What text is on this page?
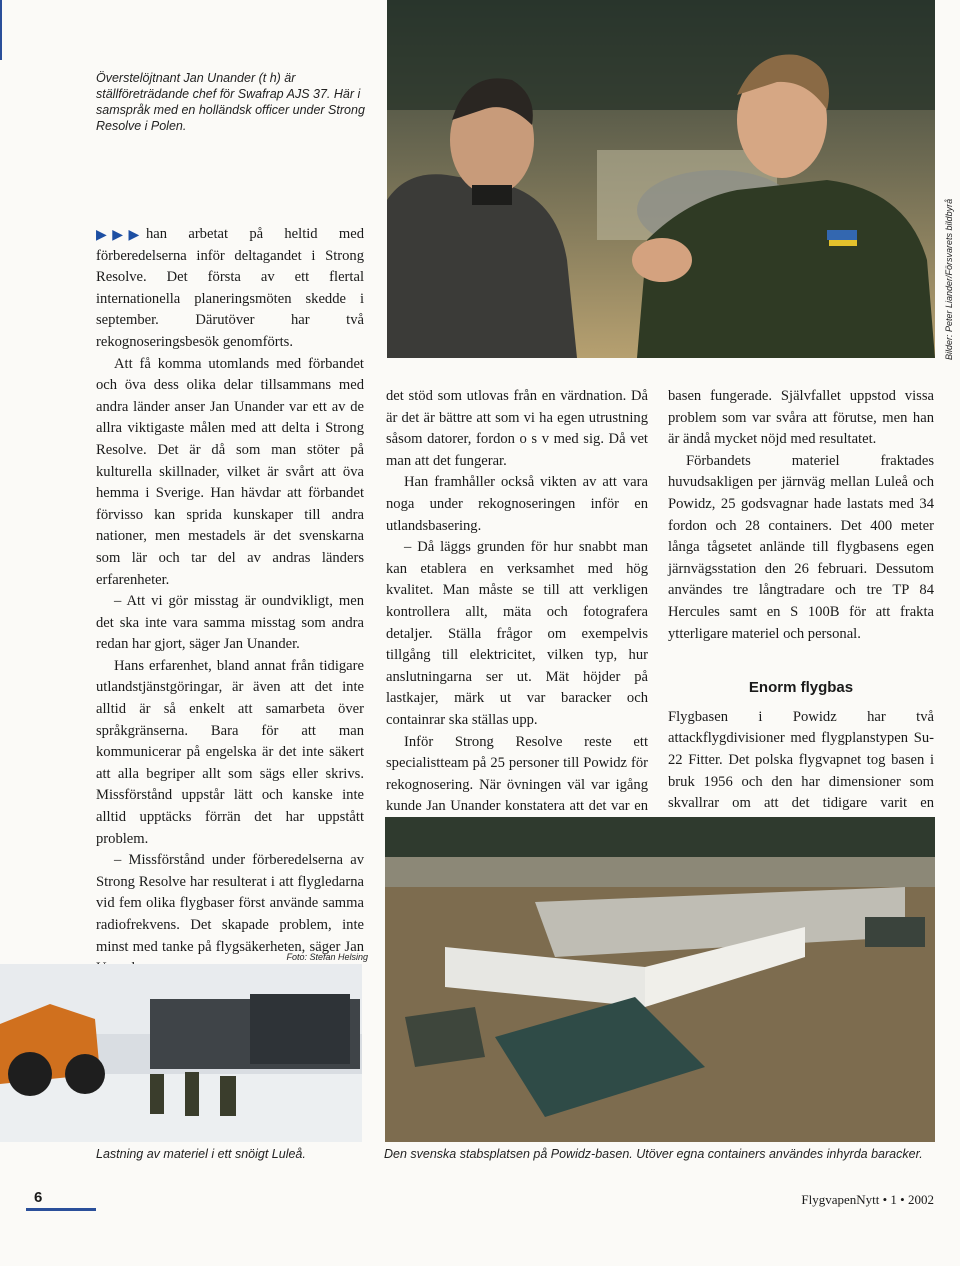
Överstelöjtnant Jan Unander (t h) är ställföreträdande chef för Swafrap AJS 37. Här i samspråk med en holländsk officer under Strong Resolve i Polen.
Bilder: Peter Liander/Försvarets bildbyrå
▶ ▶ ▶ han arbetat på heltid med förberedelserna inför deltagandet i Strong Resolve. Det första av ett flertal internationella planeringsmöten skedde i september. Därutöver har två rekognoseringsbesök genomförts.

Att få komma utomlands med förbandet och öva dess olika delar tillsammans med andra länder anser Jan Unander var ett av de allra viktigaste målen med att delta i Strong Resolve. Det är då som man stöter på kulturella skillnader, vilket är svårt att öva hemma i Sverige. Han hävdar att förbandet förvisso kan sprida kunskaper till andra nationer, men mestadels är det svenskarna som lär och tar del av andras länders erfarenheter.

– Att vi gör misstag är oundvikligt, men det ska inte vara samma misstag som andra redan har gjort, säger Jan Unander.

Hans erfarenhet, bland annat från tidigare utlandstjänstgöringar, är även att det inte alltid är så enkelt att samarbeta över språkgränserna. Bara för att man kommunicerar på engelska är det inte säkert att alla begriper allt som sägs eller skrivs. Missförstånd uppstår lätt och kanske inte alltid upptäcks förrän det har uppstått problem.

– Missförstånd under förberedelserna av Strong Resolve har resulterat i att flygledarna vid fem olika flygbaser först använde samma radiofrekvens. Det skapade problem, inte minst med tanke på flygsäkerheten, säger Jan

det stöd som utlovas från en värdnation. Då är det är bättre att som vi ha egen utrustning såsom datorer, fordon o s v med sig. Då vet man att det fungerar.

Han framhåller också vikten av att vara noga under rekognoseringen inför en utlandsbasering.

– Då läggs grunden för hur snabbt man kan etablera en verksamhet med hög kvalitet. Man måste se till att verkligen kontrollera allt, mäta och fotografera detaljer. Ställa frågor om exempelvis tillgång till elektricitet, vilken typ, hur anslutningarna ser ut. Mät höjder på lastkajer, märk ut var baracker och containrar ska ställas upp.

Inför Strong Resolve reste ett specialistteam på 25 personer till Powidz för rekognosering. När övningen väl var igång kunde Jan Unander konstatera att det var en

basen fungerade. Självfallet uppstod vissa problem som var svåra att förutse, men han är ändå mycket nöjd med resultatet.

Förbandets materiel fraktades huvudsakligen per järnväg mellan Luleå och Powidz, 25 godsvagnar hade lastats med 34 fordon och 28 containers. Det 400 meter långa tågsetet anlände till flygbasens egen järnvägsstation den 26 februari. Dessutom användes tre långtradare och tre TP 84 Hercules samt en S 100B för att frakta ytterligare materiel och personal.

Enorm flygbas

Flygbasen i Powidz har två attackflygdivisioner med flygplanstypen Su-22 Fitter. Det polska flygvapnet tog basen i bruk 1956 och den har dimensioner som skvallrar om att det tidigare varit en

Foto: Stefan Helsing
Lastning av materiel i ett snöigt Luleå.	Den svenska stabsplatsen på Powidz-basen. Utöver egna containers användes inhyrda baracker.
6	FlygvapenNytt • 1 • 2002
